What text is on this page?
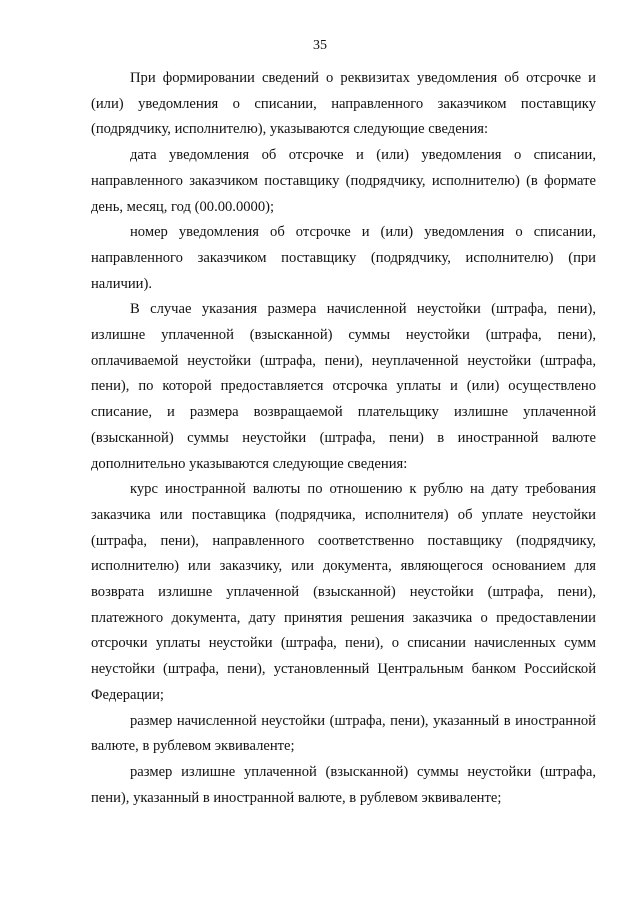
35

При формировании сведений о реквизитах уведомления об отсрочке и (или) уведомления о списании, направленного заказчиком поставщику (подрядчику, исполнителю), указываются следующие сведения:

дата уведомления об отсрочке и (или) уведомления о списании, направленного заказчиком поставщику (подрядчику, исполнителю) (в формате день, месяц, год (00.00.0000);

номер уведомления об отсрочке и (или) уведомления о списании, направленного заказчиком поставщику (подрядчику, исполнителю) (при наличии).

В случае указания размера начисленной неустойки (штрафа, пени), излишне уплаченной (взысканной) суммы неустойки (штрафа, пени), оплачиваемой неустойки (штрафа, пени), неуплаченной неустойки (штрафа, пени), по которой предоставляется отсрочка уплаты и (или) осуществлено списание, и размера возвращаемой плательщику излишне уплаченной (взысканной) суммы неустойки (штрафа, пени) в иностранной валюте дополнительно указываются следующие сведения:

курс иностранной валюты по отношению к рублю на дату требования заказчика или поставщика (подрядчика, исполнителя) об уплате неустойки (штрафа, пени), направленного соответственно поставщику (подрядчику, исполнителю) или заказчику, или документа, являющегося основанием для возврата излишне уплаченной (взысканной) неустойки (штрафа, пени), платежного документа, дату принятия решения заказчика о предоставлении отсрочки уплаты неустойки (штрафа, пени), о списании начисленных сумм неустойки (штрафа, пени), установленный Центральным банком Российской Федерации;

размер начисленной неустойки (штрафа, пени), указанный в иностранной валюте, в рублевом эквиваленте;

размер излишне уплаченной (взысканной) суммы неустойки (штрафа, пени), указанный в иностранной валюте, в рублевом эквиваленте;
